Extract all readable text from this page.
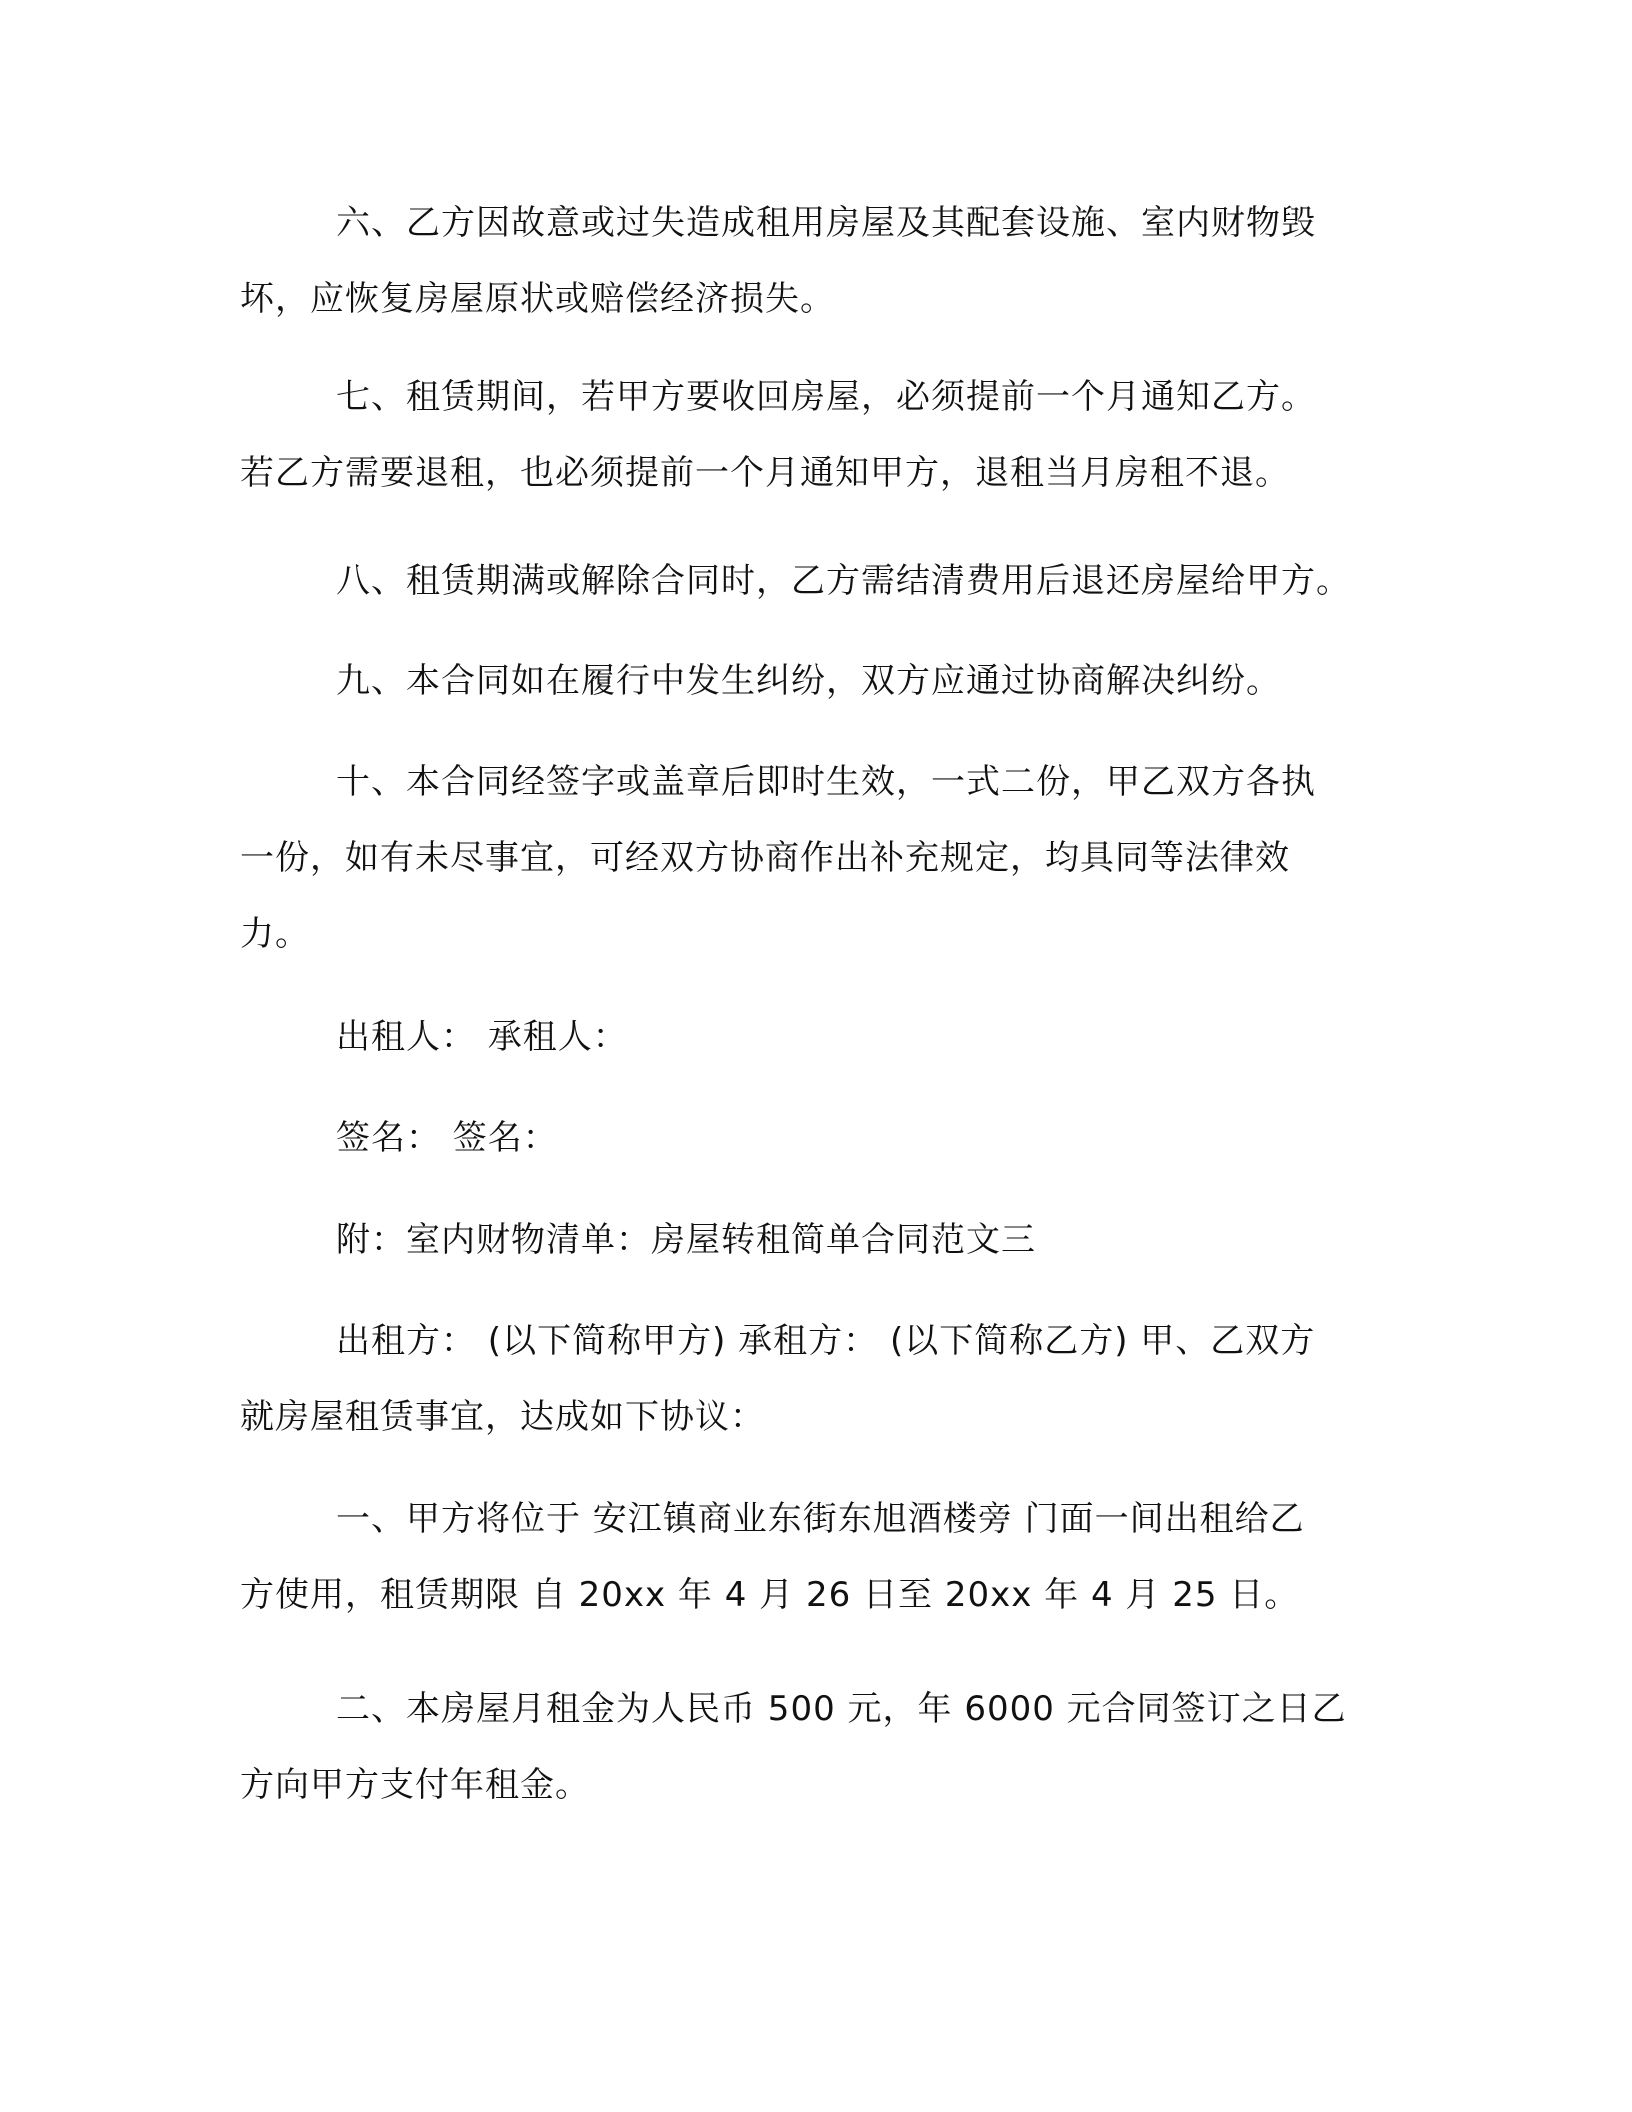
六、乙方因故意或过失造成租用房屋及其配套设施、室内财物毁
坏，应恢复房屋原状或赔偿经济损失。

七、租赁期间，若甲方要收回房屋，必须提前一个月通知乙方。
若乙方需要退租，也必须提前一个月通知甲方，退租当月房租不退。

八、租赁期满或解除合同时，乙方需结清费用后退还房屋给甲方。

九、本合同如在履行中发生纠纷，双方应通过协商解决纠纷。

十、本合同经签字或盖章后即时生效，一式二份，甲乙双方各执
一份，如有未尽事宜，可经双方协商作出补充规定，均具同等法律效
力。

出租人： 承租人：

签名： 签名：

附：室内财物清单：房屋转租简单合同范文三

出租方： (以下简称甲方) 承租方： (以下简称乙方) 甲、乙双方
就房屋租赁事宜，达成如下协议：

一、甲方将位于 安江镇商业东街东旭酒楼旁 门面一间出租给乙
方使用，租赁期限 自 20xx 年 4 月 26 日至 20xx 年 4 月 25 日。

二、本房屋月租金为人民币 500 元，年 6000 元合同签订之日乙
方向甲方支付年租金。
